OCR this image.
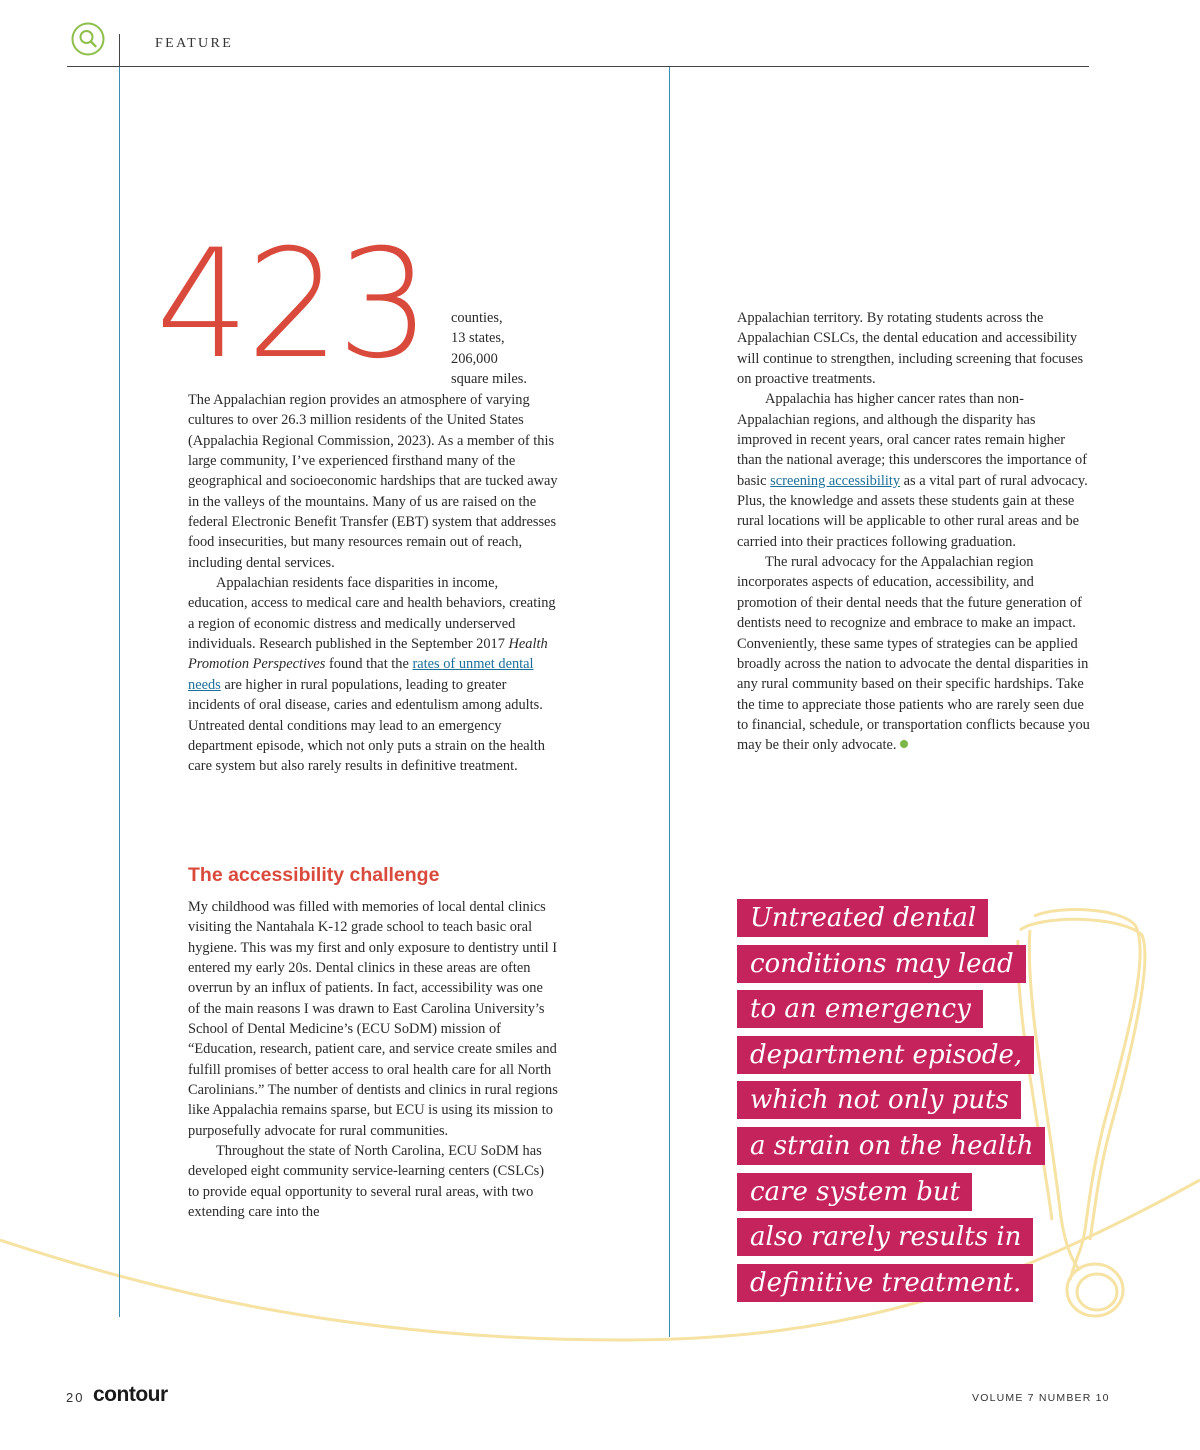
FEATURE
423 counties,
13 states,
206,000
square miles.

The Appalachian region provides an atmosphere of varying cultures to over 26.3 million residents of the United States (Appalachia Regional Commission, 2023). As a member of this large community, I’ve experienced firsthand many of the geographical and socioeconomic hardships that are tucked away in the valleys of the mountains. Many of us are raised on the federal Electronic Benefit Transfer (EBT) system that addresses food insecurities, but many resources remain out of reach, including dental services.

Appalachian residents face disparities in income, education, access to medical care and health behaviors, creating a region of economic distress and medically underserved individuals. Research published in the September 2017 Health Promotion Perspectives found that the rates of unmet dental needs are higher in rural populations, leading to greater incidents of oral disease, caries and edentulism among adults. Untreated dental conditions may lead to an emergency department episode, which not only puts a strain on the health care system but also rarely results in definitive treatment.

The accessibility challenge

My childhood was filled with memories of local dental clinics visiting the Nantahala K-12 grade school to teach basic oral hygiene. This was my first and only exposure to dentistry until I entered my early 20s. Dental clinics in these areas are often overrun by an influx of patients. In fact, accessibility was one of the main reasons I was drawn to East Carolina University’s School of Dental Medicine’s (ECU SoDM) mission of “Education, research, patient care, and service create smiles and fulfill promises of better access to oral health care for all North Carolinians.” The number of dentists and clinics in rural regions like Appalachia remains sparse, but ECU is using its mission to purposefully advocate for rural communities.

Throughout the state of North Carolina, ECU SoDM has developed eight community service-learning centers (CSLCs) to provide equal opportunity to several rural areas, with two extending care into the

Appalachian territory. By rotating students across the Appalachian CSLCs, the dental education and accessibility will continue to strengthen, including screening that focuses on proactive treatments.

Appalachia has higher cancer rates than non-Appalachian regions, and although the disparity has improved in recent years, oral cancer rates remain higher than the national average; this underscores the importance of basic screening accessibility as a vital part of rural advocacy. Plus, the knowledge and assets these students gain at these rural locations will be applicable to other rural areas and be carried into their practices following graduation.

The rural advocacy for the Appalachian region incorporates aspects of education, accessibility, and promotion of their dental needs that the future generation of dentists need to recognize and embrace to make an impact. Conveniently, these same types of strategies can be applied broadly across the nation to advocate the dental disparities in any rural community based on their specific hardships. Take the time to appreciate those patients who are rarely seen due to financial, schedule, or transportation conflicts because you may be their only advocate.

Untreated dental
conditions may lead
to an emergency
department episode,
which not only puts
a strain on the health
care system but
also rarely results in
definitive treatment.
20 contour	VOLUME 7 NUMBER 10
